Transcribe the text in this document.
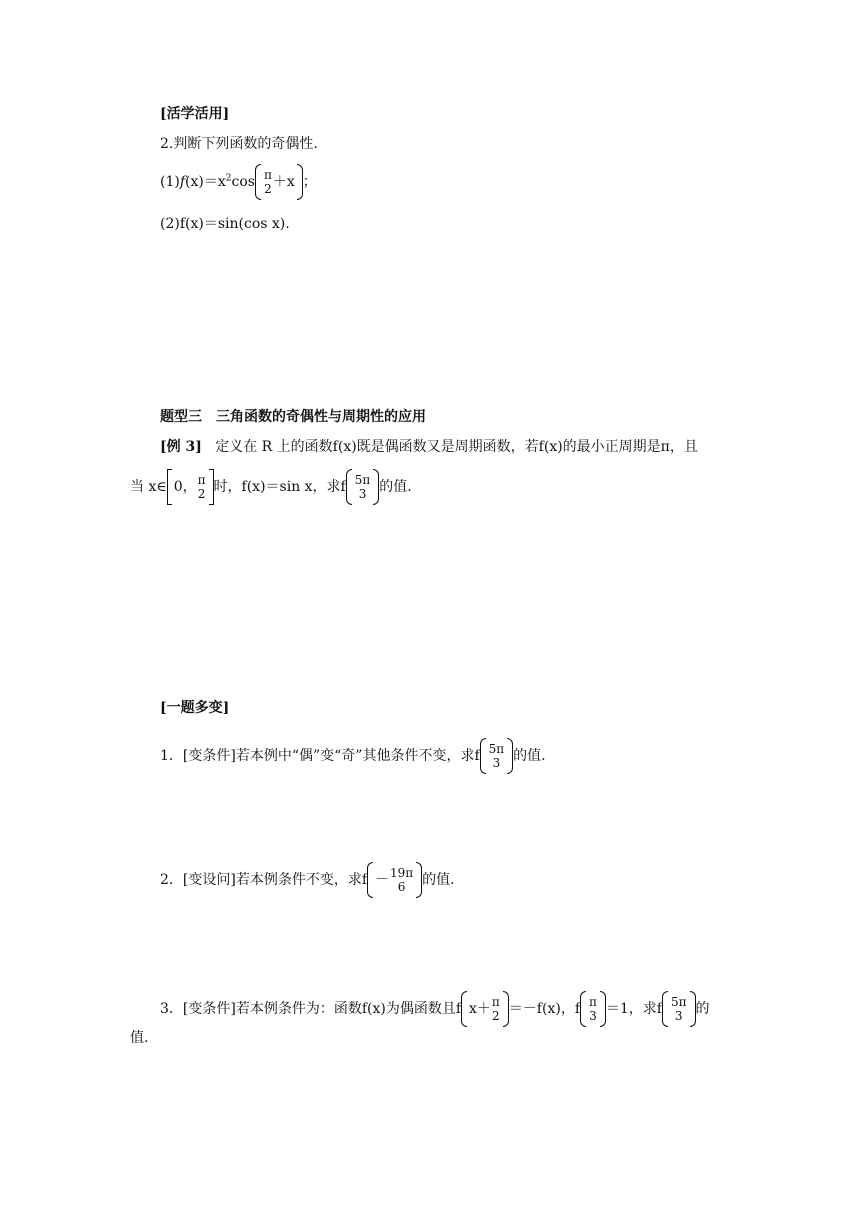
[活学活用]
2.判断下列函数的奇偶性.
$(1)f(x)=x^2\cos$ π
2 ＋x ；
(2)f(x)＝sin(cos x).
题型三　三角函数的奇偶性与周期性的应用
[例 3] 定义在 R 上的函数f(x)既是偶函数又是周期函数，若f(x)的最小正周期是π，且
当 x∈ 0， π
2 时，f(x)＝sin x，求f 5π
3 的值.
[一题多变]
1．[变条件]若本例中“偶”变“奇”其他条件不变，求f 5π
3 的值.
2．[变设问]若本例条件不变，求f － 19π
6 的值.
3．[变条件]若本例条件为：函数f(x)为偶函数且f x＋ π
2 ＝－f(x)，f π
3 ＝1，求f 5π
3 的
值.
